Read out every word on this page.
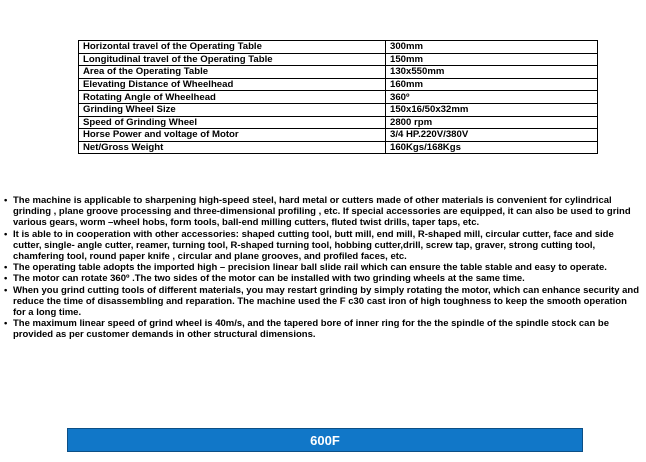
Horizontal travel of the Operating Table	300mm
Longitudinal travel of the Operating Table	150mm
Area of the Operating Table	130x550mm
Elevating Distance of Wheelhead	160mm
Rotating Angle of Wheelhead	360º
Grinding Wheel Size	150x16/50x32mm
Speed of Grinding Wheel	2800 rpm
Horse Power and voltage of Motor	3/4 HP.220V/380V
Net/Gross Weight	160Kgs/168Kgs
• The machine is applicable to sharpening high-speed steel, hard metal or cutters made of other materials is convenient for cylindrical grinding , plane groove processing and three-dimensional profiling , etc. If special accessories are equipped, it can also be used to grind various gears, worm –wheel hobs, form tools, ball-end milling cutters, fluted twist drills, taper taps, etc.
• It is able to in cooperation with other accessories: shaped cutting tool, butt mill, end mill, R-shaped mill, circular cutter, face and side cutter, single- angle cutter, reamer, turning tool, R-shaped turning tool, hobbing cutter,drill, screw tap, graver, strong cutting tool, chamfering tool, round paper knife , circular and plane grooves, and profiled faces, etc.
• The operating table adopts the imported high – precision linear ball slide rail which can ensure the table stable and easy to operate.
• The motor can rotate 360º .The two sides of the motor can be installed with two grinding wheels at the same time.
• When you grind cutting tools of different materials, you may restart grinding by simply rotating the motor, which can enhance security and reduce the time of disassembling and reparation. The machine used the F c30 cast iron of high toughness to keep the smooth operation for a long time.
• The maximum linear speed of grind wheel is 40m/s, and the tapered bore of inner ring for the the spindle of the spindle stock can be provided as per customer demands in other structural dimensions.
600F
